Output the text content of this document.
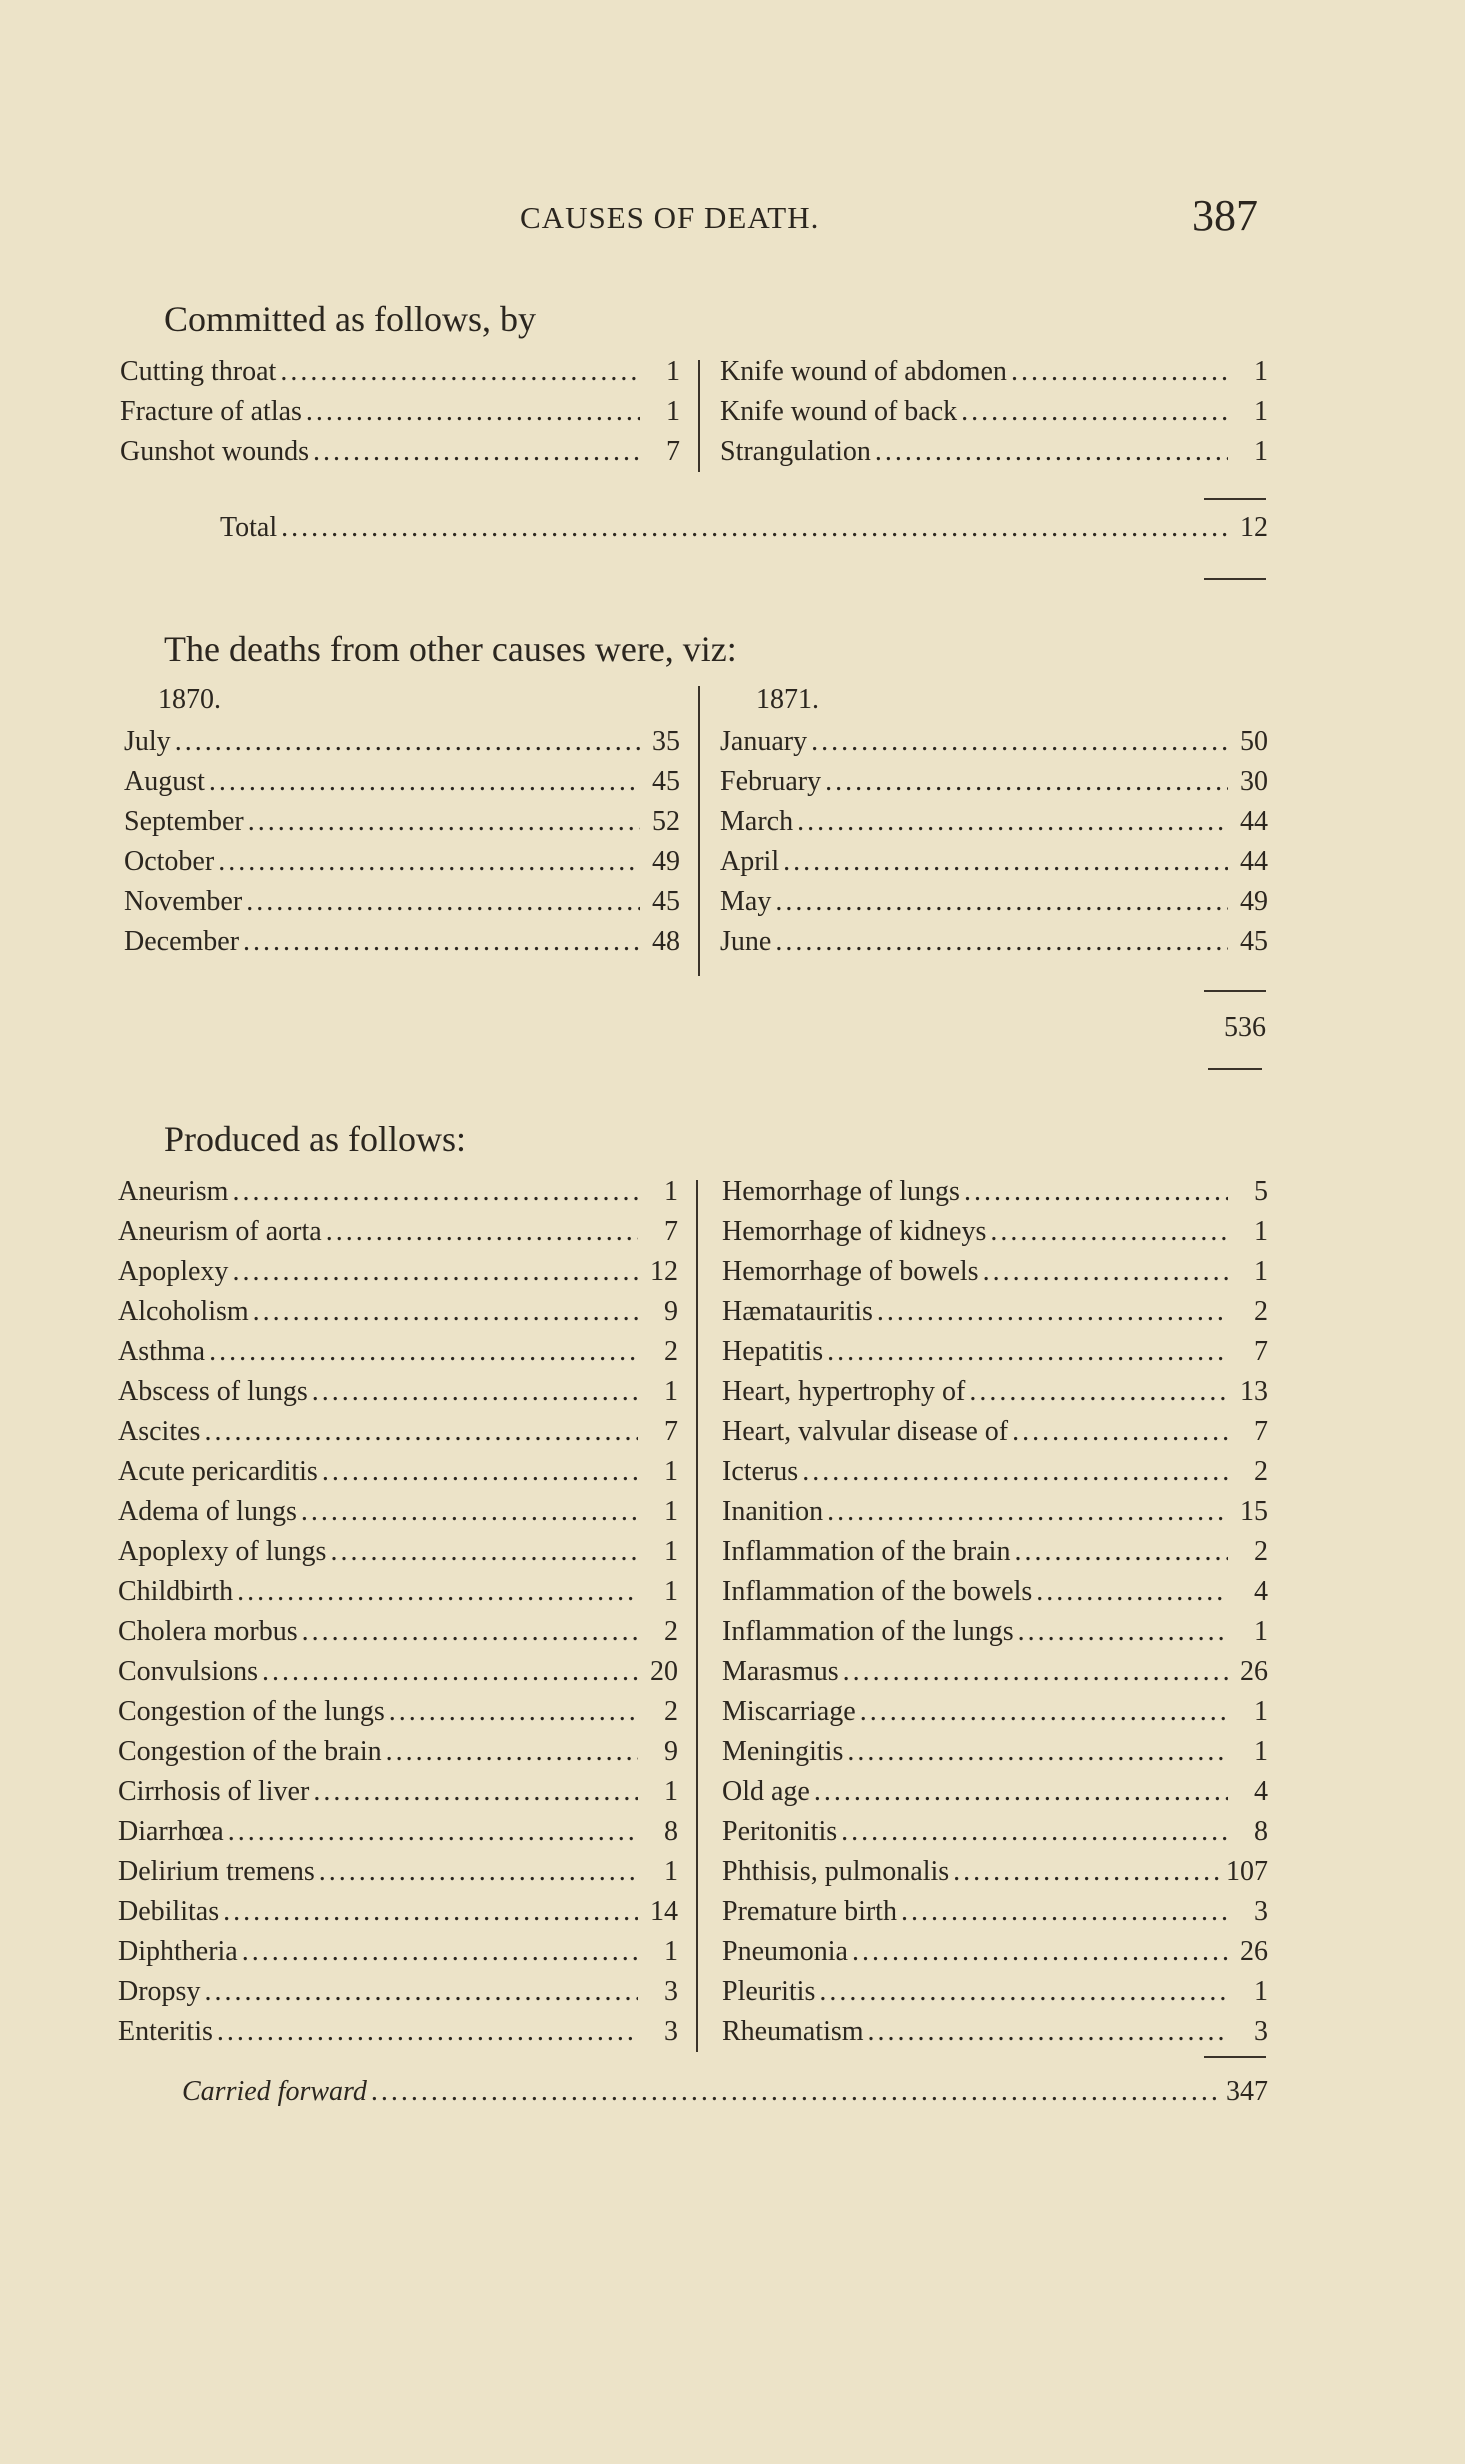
CAUSES OF DEATH.	387
Committed as follows, by
Cutting throat .....	1
Fracture of atlas .....	1
Gunshot wounds .....	7
Knife wound of abdomen .....	1
Knife wound of back .....	1
Strangulation .....	1
Total .....	12
The deaths from other causes were, viz:
1870.	1871.
July .....	35
August .....	45
September .....	52
October .....	49
November .....	45
December .....	48
January .....	50
February .....	30
March .....	44
April .....	44
May .....	49
June .....	45
536
Produced as follows:
Aneurism .....	1
Aneurism of aorta .....	7
Apoplexy .....	12
Alcoholism .....	9
Asthma .....	2
Abscess of lungs .....	1
Ascites .....	7
Acute pericarditis .....	1
Adema of lungs .....	1
Apoplexy of lungs .....	1
Childbirth .....	1
Cholera morbus .....	2
Convulsions .....	20
Congestion of the lungs .....	2
Congestion of the brain .....	9
Cirrhosis of liver .....	1
Diarrhœa .....	8
Delirium tremens .....	1
Debilitas .....	14
Diphtheria .....	1
Dropsy .....	3
Enteritis .....	3
Hemorrhage of lungs .....	5
Hemorrhage of kidneys .....	1
Hemorrhage of bowels .....	1
Hæmatauritis .....	2
Hepatitis .....	7
Heart, hypertrophy of .....	13
Heart, valvular disease of .....	7
Icterus .....	2
Inanition .....	15
Inflammation of the brain .....	2
Inflammation of the bowels .....	4
Inflammation of the lungs .....	1
Marasmus .....	26
Miscarriage .....	1
Meningitis .....	1
Old age .....	4
Peritonitis .....	8
Phthisis, pulmonalis .....	107
Premature birth .....	3
Pneumonia .....	26
Pleuritis .....	1
Rheumatism .....	3
Carried forward .....	347
